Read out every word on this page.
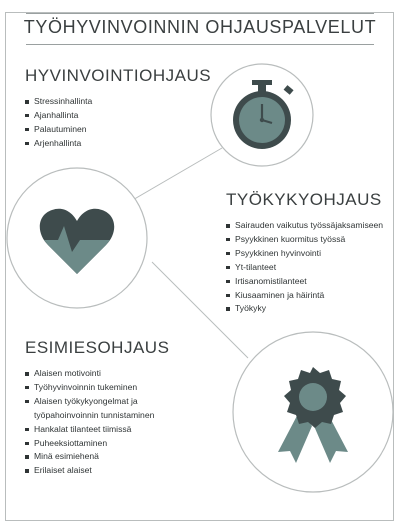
TYÖHYVINVOINNIN OHJAUSPALVELUT
HYVINVOINTIOHJAUS
Stressinhallinta
Ajanhallinta
Palautuminen
Arjenhallinta
TYÖKYKYOHJAUS
Sairauden vaikutus työssäjaksamiseen
Psyykkinen kuormitus työssä
Psyykkinen hyvinvointi
Yt-tilanteet
Irtisanomistilanteet
Kiusaaminen ja häirintä
Työkyky
ESIMIESOHJAUS
Alaisen motivointi
Työhyvinvoinnin tukeminen
Alaisen työkykyongelmat ja työpahoinvoinnin tunnistaminen
Hankalat tilanteet tiimissä
Puheeksiottaminen
Minä esimiehenä
Erilaiset alaiset
